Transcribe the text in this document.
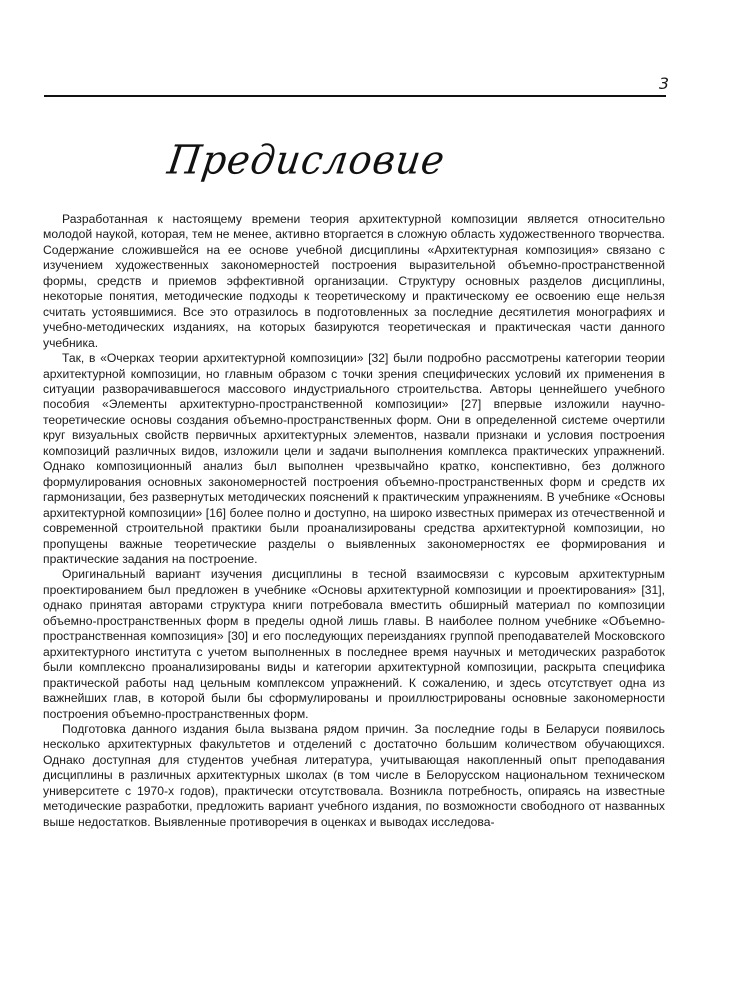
3
Предисловие

Разработанная к настоящему времени теория архитектурной композиции является относительно молодой наукой, которая, тем не менее, активно вторгается в сложную область художественного творчества. Содержание сложившейся на ее основе учебной дисциплины «Архитектурная композиция» связано с изучением художественных закономерностей построения выразительной объемно-пространственной формы, средств и приемов эффективной организации. Структуру основных разделов дисциплины, некоторые понятия, методические подходы к теоретическому и практическому ее освоению еще нельзя считать устоявшимися. Все это отразилось в подготовленных за последние десятилетия монографиях и учебно-методических изданиях, на которых базируются теоретическая и практическая части данного учебника.

Так, в «Очерках теории архитектурной композиции» [32] были подробно рассмотрены категории теории архитектурной композиции, но главным образом с точки зрения специфических условий их применения в ситуации разворачивавшегося массового индустриального строительства. Авторы ценнейшего учебного пособия «Элементы архитектурно-пространственной композиции» [27] впервые изложили научно-теоретические основы создания объемно-пространственных форм. Они в определенной системе очертили круг визуальных свойств первичных архитектурных элементов, назвали признаки и условия построения композиций различных видов, изложили цели и задачи выполнения комплекса практических упражнений. Однако композиционный анализ был выполнен чрезвычайно кратко, конспективно, без должного формулирования основных закономерностей построения объемно-пространственных форм и средств их гармонизации, без развернутых методических пояснений к практическим упражнениям. В учебнике «Основы архитектурной композиции» [16] более полно и доступно, на широко известных примерах из отечественной и современной строительной практики были проанализированы средства архитектурной композиции, но пропущены важные теоретические разделы о выявленных закономерностях ее формирования и практические задания на построение.

Оригинальный вариант изучения дисциплины в тесной взаимосвязи с курсовым архитектурным проектированием был предложен в учебнике «Основы архитектурной композиции и проектирования» [31], однако принятая авторами структура книги потребовала вместить обширный материал по композиции объемно-пространственных форм в пределы одной лишь главы. В наиболее полном учебнике «Объемно-пространственная композиция» [30] и его последующих переизданиях группой преподавателей Московского архитектурного института с учетом выполненных в последнее время научных и методических разработок были комплексно проанализированы виды и категории архитектурной композиции, раскрыта специфика практической работы над цельным комплексом упражнений. К сожалению, и здесь отсутствует одна из важнейших глав, в которой были бы сформулированы и проиллюстрированы основные закономерности построения объемно-пространственных форм.

Подготовка данного издания была вызвана рядом причин. За последние годы в Беларуси появилось несколько архитектурных факультетов и отделений с достаточно большим количеством обучающихся. Однако доступная для студентов учебная литература, учитывающая накопленный опыт преподавания дисциплины в различных архитектурных школах (в том числе в Белорусском национальном техническом университете с 1970-х годов), практически отсутствовала. Возникла потребность, опираясь на известные методические разработки, предложить вариант учебного издания, по возможности свободного от названных выше недостатков. Выявленные противоречия в оценках и выводах исследова-
